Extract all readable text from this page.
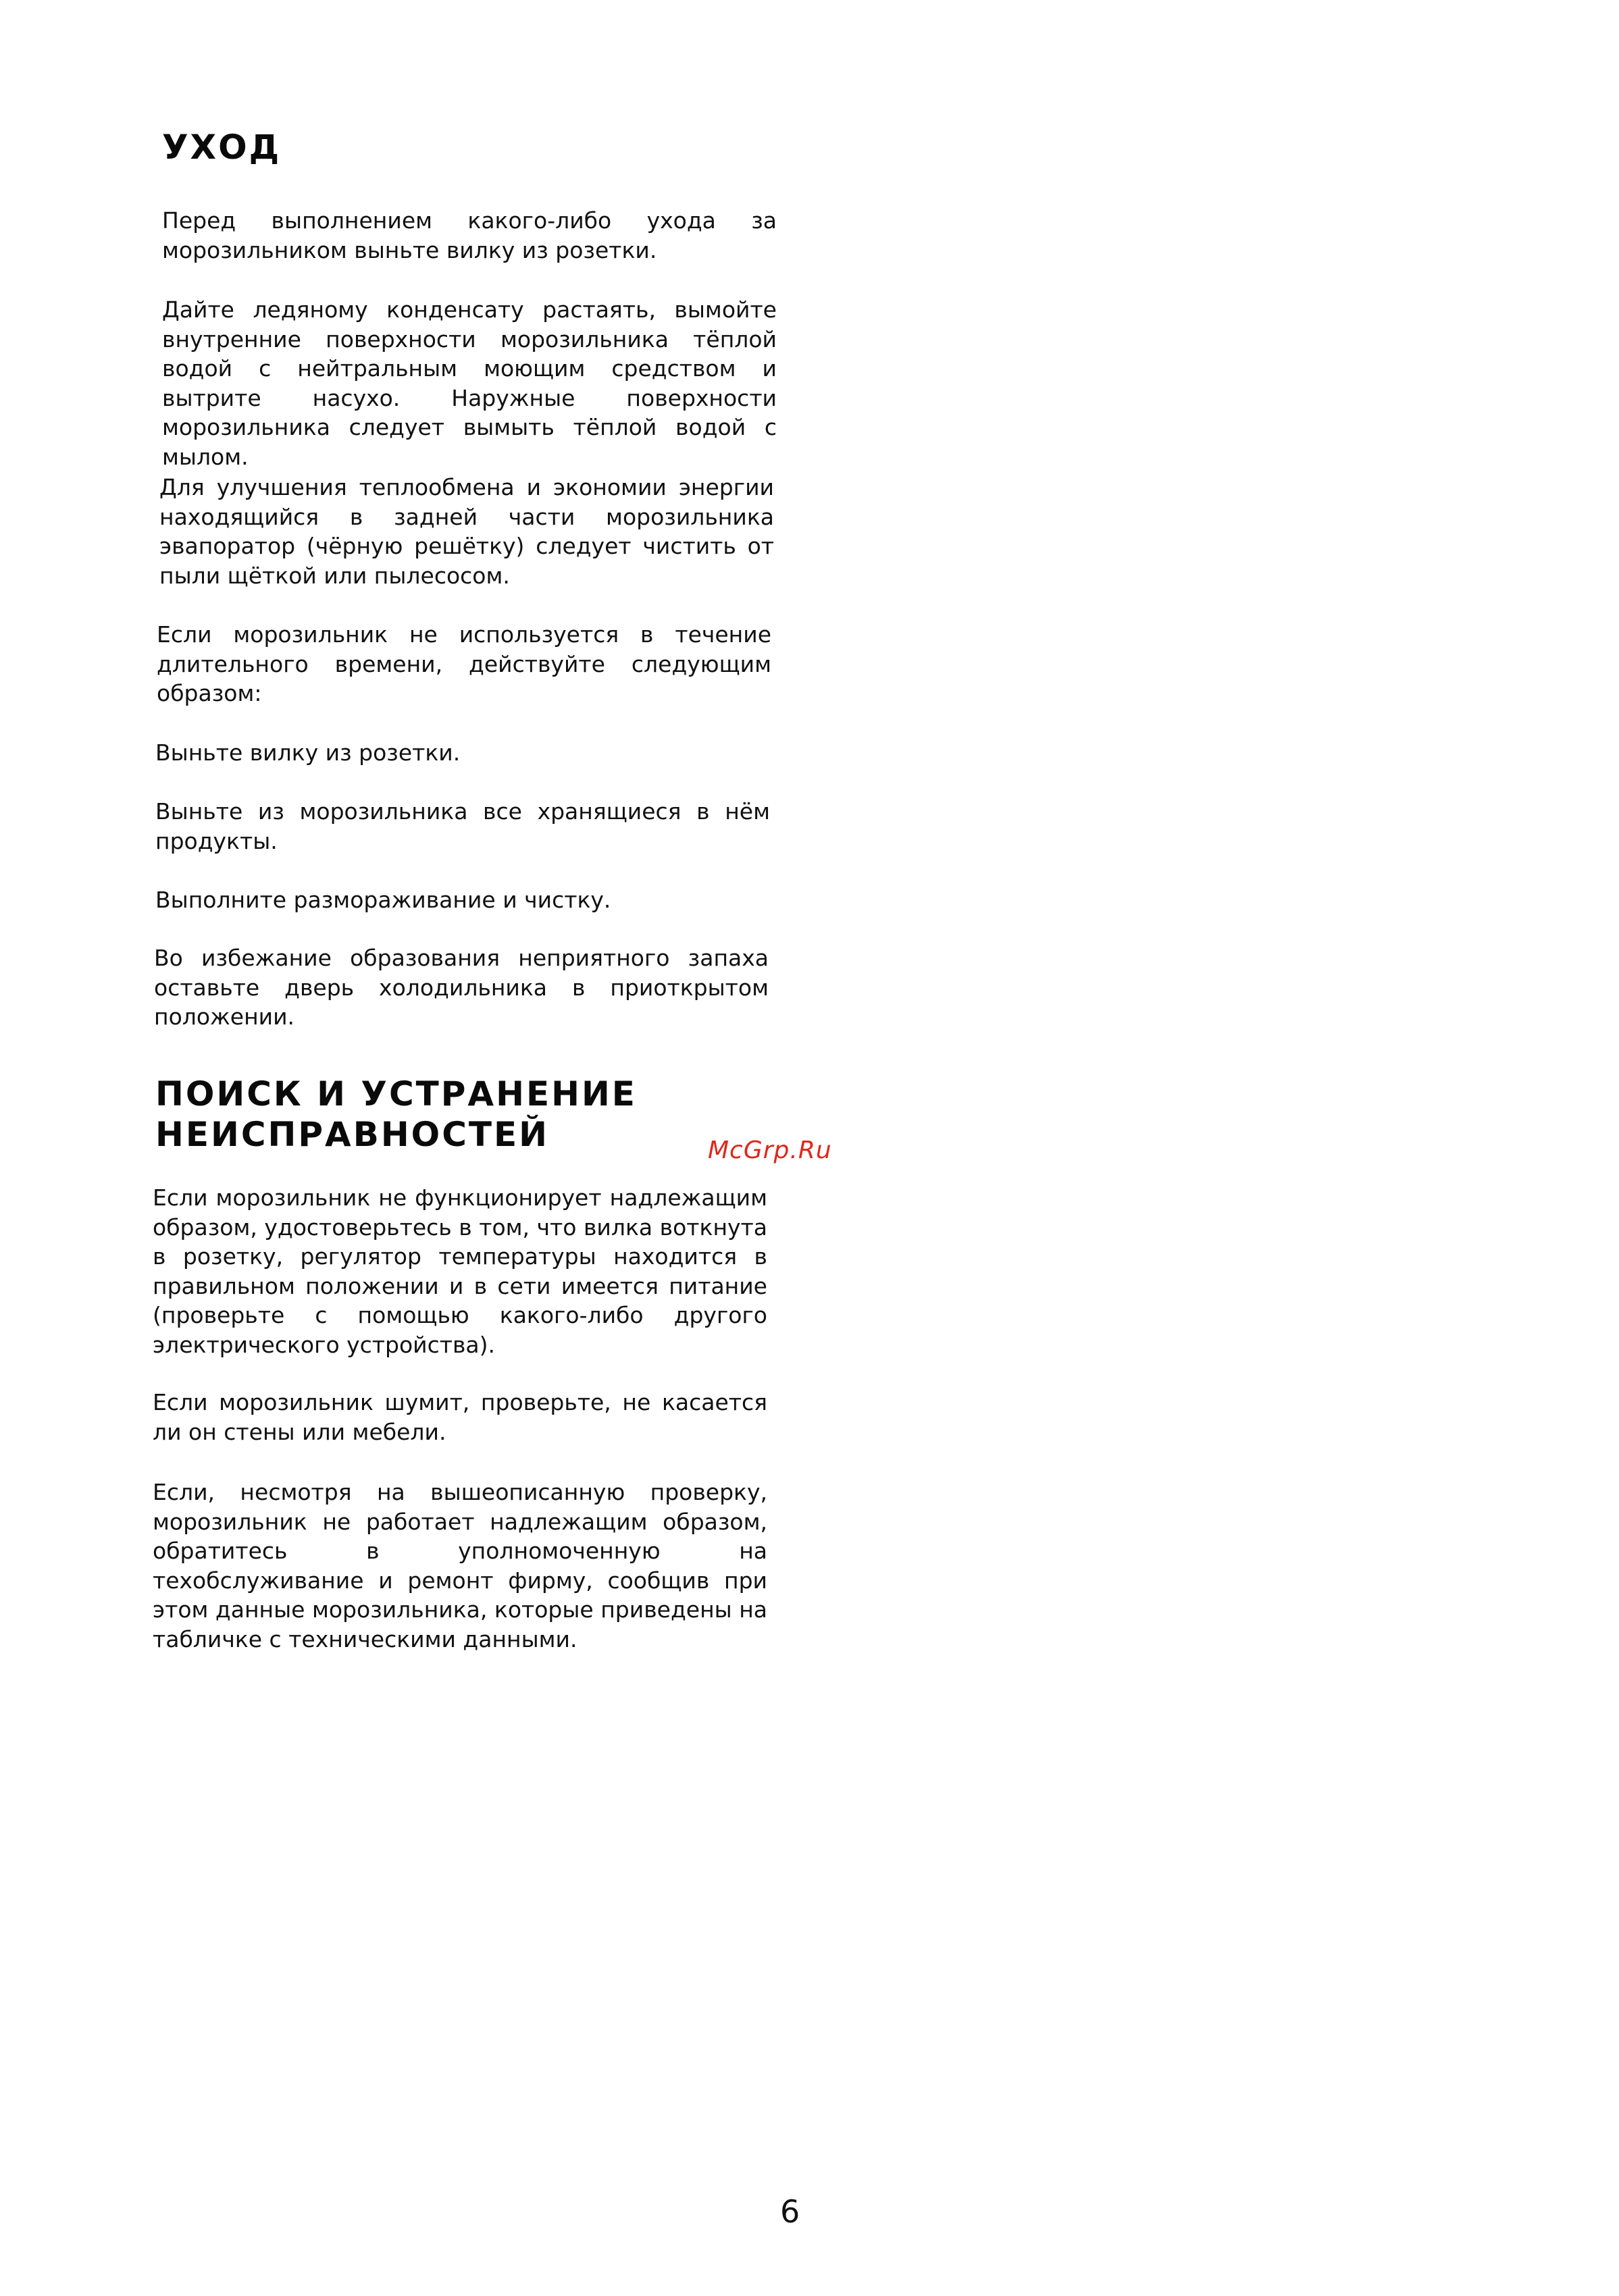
УХОД

Перед выполнением какого-либо ухода за морозильником выньте вилку из розетки.

Дайте ледяному конденсату растаять, вымойте внутренние поверхности морозильника тёплой водой с нейтральным моющим средством и вытрите насухо. Наружные поверхности морозильника следует вымыть тёплой водой с мылом.

Для улучшения теплообмена и экономии энергии находящийся в задней части морозильника эвапоратор (чёрную решётку) следует чистить от пыли щёткой или пылесосом.

Если морозильник не используется в течение длительного времени, действуйте следующим образом:

Выньте вилку из розетки.

Выньте из морозильника все хранящиеся в нём продукты.

Выполните размораживание и чистку.

Во избежание образования неприятного запаха оставьте дверь холодильника в приоткрытом положении.

ПОИСК И УСТРАНЕНИЕ
НЕИСПРАВНОСТЕЙ	McGrp.Ru

Если морозильник не функционирует надлежащим образом, удостоверьтесь в том, что вилка воткнута в розетку, регулятор температуры находится в правильном положении и в сети имеется питание (проверьте с помощью какого-либо другого электрического устройства).

Если морозильник шумит, проверьте, не касается ли он стены или мебели.

Если, несмотря на вышеописанную проверку, морозильник не работает надлежащим образом, обратитесь в уполномоченную на техобслуживание и ремонт фирму, сообщив при этом данные морозильника, которые приведены на табличке с техническими данными.

6
